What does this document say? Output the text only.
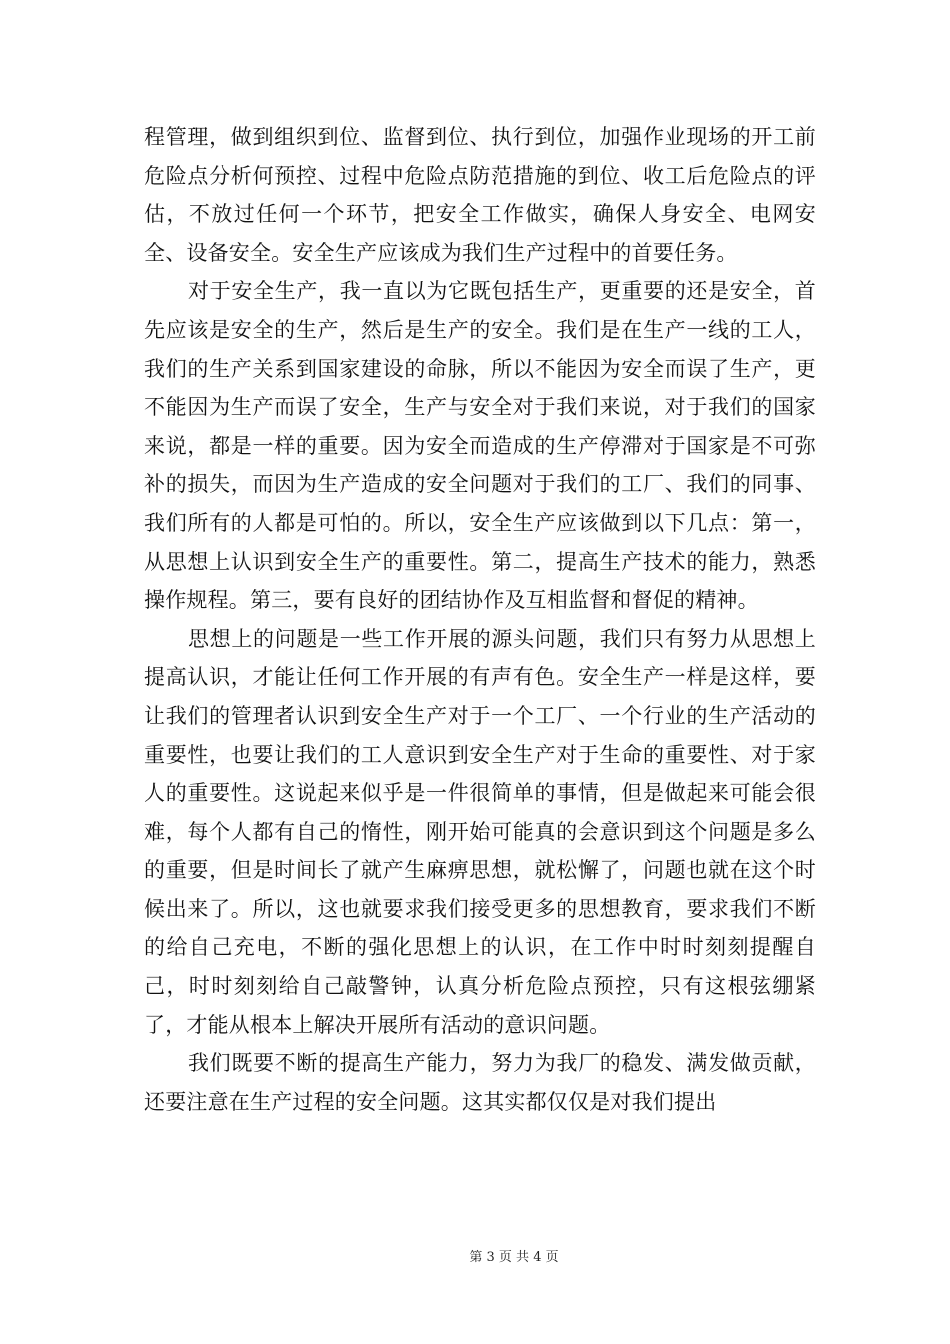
程管理，做到组织到位、监督到位、执行到位，加强作业现场的开工前危险点分析何预控、过程中危险点防范措施的到位、收工后危险点的评估，不放过任何一个环节，把安全工作做实，确保人身安全、电网安全、设备安全。安全生产应该成为我们生产过程中的首要任务。

对于安全生产，我一直以为它既包括生产，更重要的还是安全，首先应该是安全的生产，然后是生产的安全。我们是在生产一线的工人，我们的生产关系到国家建设的命脉，所以不能因为安全而误了生产，更不能因为生产而误了安全，生产与安全对于我们来说，对于我们的国家来说，都是一样的重要。因为安全而造成的生产停滞对于国家是不可弥补的损失，而因为生产造成的安全问题对于我们的工厂、我们的同事、我们所有的人都是可怕的。所以，安全生产应该做到以下几点：第一，从思想上认识到安全生产的重要性。第二，提高生产技术的能力，熟悉操作规程。第三，要有良好的团结协作及互相监督和督促的精神。

思想上的问题是一些工作开展的源头问题，我们只有努力从思想上提高认识，才能让任何工作开展的有声有色。安全生产一样是这样，要让我们的管理者认识到安全生产对于一个工厂、一个行业的生产活动的重要性，也要让我们的工人意识到安全生产对于生命的重要性、对于家人的重要性。这说起来似乎是一件很简单的事情，但是做起来可能会很难，每个人都有自己的惰性，刚开始可能真的会意识到这个问题是多么的重要，但是时间长了就产生麻痹思想，就松懈了，问题也就在这个时候出来了。所以，这也就要求我们接受更多的思想教育，要求我们不断的给自己充电，不断的强化思想上的认识，在工作中时时刻刻提醒自己，时时刻刻给自己敲警钟，认真分析危险点预控，只有这根弦绷紧了，才能从根本上解决开展所有活动的意识问题。

我们既要不断的提高生产能力，努力为我厂的稳发、满发做贡献，还要注意在生产过程的安全问题。这其实都仅仅是对我们提出

第 3 页 共 4 页
